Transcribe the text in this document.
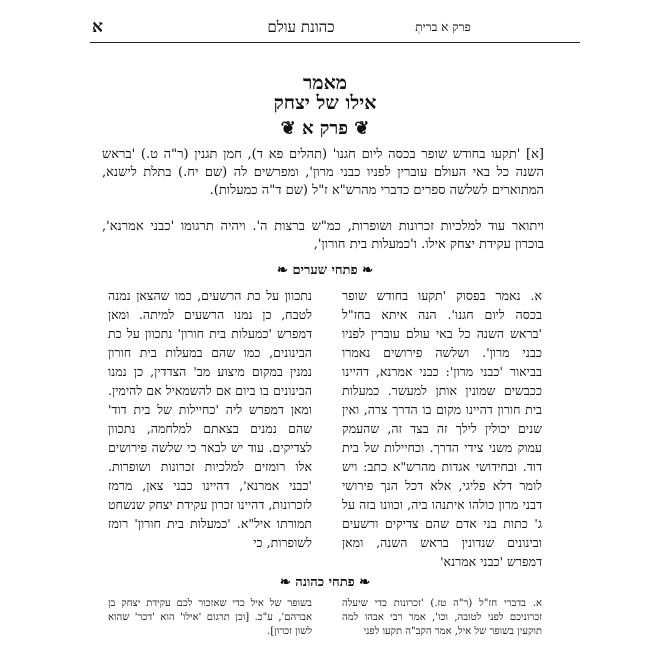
א	כהונת עולם	פרק א בריתְ
מאמר
אילו של יצחק
❦ פרק א ❦
[א] 'תקעו בחודש שופר בכסה ליום חגנו' (תהלים פא ד), חמן תגנין (ר"ה ט.) 'בראש השנה כל באי העולם עוברין לפניו כבני מרון', ומפרשים לה (שם יח.) בתלת לישנא, המתוארים לשלשה ספרים כדברי מהרש"א ז"ל (שם ד"ה כמעלות).
ויתואר עוד למלכיות זכרונות ושופרות, כמ"ש ברצות ה'. ויהיה תרגומו 'כבני אמרנא', בוכרון עקידת יצחק אילו. ו'כמעלות בית חורון',
❧ פתחי שערים ❧
א. נאמר בפסוק 'תקעו בחודש שופר בכסה ליום חגנו'. הנה איתא בחז"ל 'בראש השנה כל באי עולם עוברין לפניו כבני מרון'. ושלשה פירושים נאמרו בביאור 'כבני מרון': כבני אמרנא, דהיינו ככבשים שמונין אותן למעשר. כמעלות בית חורון דהיינו מקום בו הדרך צרה, ואין שנים יכולין לילך זה בצד זה, שהעמק עמוק משני צידי הדרך. וכחיילות של בית דוד. ובחידושי אגדות מהרש"א כתב: ויש לומר דלא פליגי, אלא דכל הנך פירושי דבני מרון כולהו איתנהו ביה, וכוונו בזה על ג' כתות בני אדם שהם צדיקים ורשעים ובינונים שנדונין בראש השנה, ומאן דמפרש 'כבני אמרנא'
נתכוון על כת הרשעים, כמו שהצאן נמנה לטבח, כן נמנו הרשעים למיתה. ומאן דמפרש 'כמעלות בית חורון' נתכוון על כת הבינונים, כמו שהם במעלות בית חורון נמנין במקום מיצוע מב' הצדדין, כן נמנו הבינונים בו ביום אם להשמאיל אם להימין. ומאן דמפרש ליה 'כחיילות של בית דוד' שהם נמנים בצאתם למלחמה, נתכוון לצדיקים. עוד יש לבאר כי שלשה פירושים אלו רומזים למלכיות זכרונות ושופרות. 'כבני אמרנא', דהיינו כבני צאן, מרמז לזכרונות, דהיינו זכרון עקידת יצחק שנשחט תמורתו איל"א. 'כמעלות בית חורון' רומז לשופרות, כי
❧ פתחי כהונה ❧
א. בדברי חז"ל (ר"ה טז.) 'זכרונות כדי שיעלה זכרוניכם לפני לטובה, וכו', אמר רבי אבהו למה תוקעין בשופר של איל, אמר הקב"ה תקעו לפני
בשופר של איל כדי שאזכור לכם עקידת יצחק בן אברהם', ע"כ. [וכן תרגום 'אילו' הוא 'דכר' שהוא לשון זכרון].
